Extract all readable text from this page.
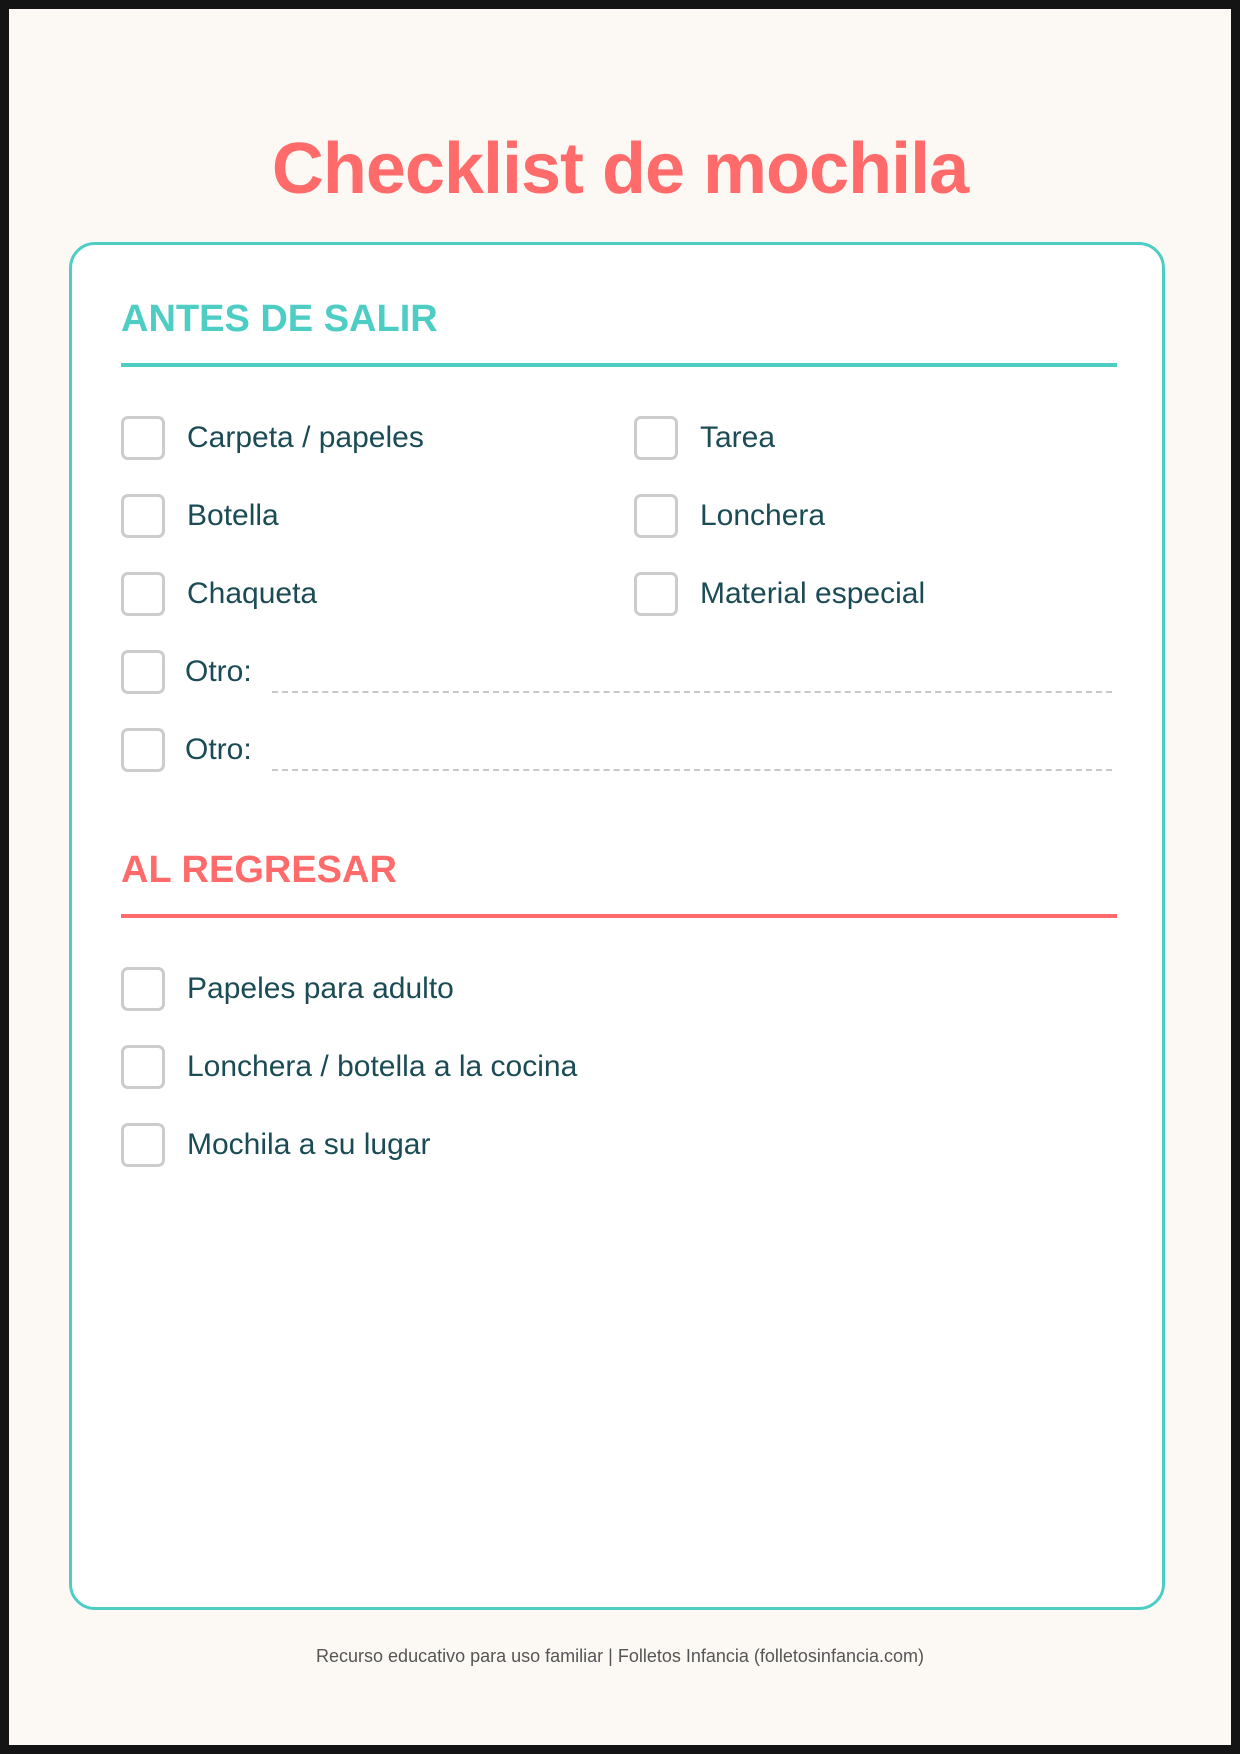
Checklist de mochila
ANTES DE SALIR
Carpeta / papeles	Tarea
Botella	Lonchera
Chaqueta	Material especial
Otro:
Otro:
AL REGRESAR
Papeles para adulto
Lonchera / botella a la cocina
Mochila a su lugar
Recurso educativo para uso familiar | Folletos Infancia (folletosinfancia.com)
